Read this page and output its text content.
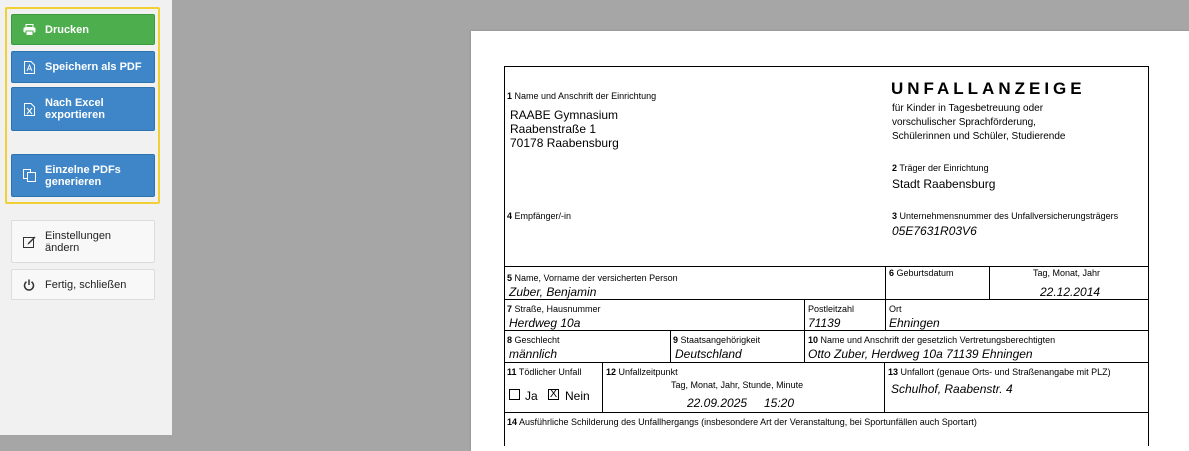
Drucken
Speichern als PDF
Nach Excel
exportieren
Einzelne PDFs
generieren
Einstellungen
ändern
Fertig, schließen
UNFALLANZEIGE
für Kinder in Tagesbetreuung oder
vorschulischer Sprachförderung,
Schülerinnen und Schüler, Studierende
1 Name und Anschrift der Einrichtung
RAABE Gymnasium
Raabenstraße 1
70178 Raabensburg
2 Träger der Einrichtung
Stadt Raabensburg
3 Unternehmensnummer des Unfallversicherungsträgers
05E7631R03V6
4 Empfänger/-in
5 Name, Vorname der versicherten Person
Zuber, Benjamin
6 Geburtsdatum	Tag, Monat, Jahr
22.12.2014
7 Straße, Hausnummer
Herdweg 10a
Postleitzahl
71139
Ort
Ehningen
8 Geschlecht
männlich
9 Staatsangehörigkeit
Deutschland
10 Name und Anschrift der gesetzlich Vertretungsberechtigten
Otto Zuber, Herdweg 10a 71139 Ehningen
11 Tödlicher Unfall
Ja X Nein
12 Unfallzeitpunkt
Tag, Monat, Jahr, Stunde, Minute
22.09.2025 15:20
13 Unfallort (genaue Orts- und Straßenangabe mit PLZ)
Schulhof, Raabenstr. 4
14 Ausführliche Schilderung des Unfallhergangs (insbesondere Art der Veranstaltung, bei Sportunfällen auch Sportart)
